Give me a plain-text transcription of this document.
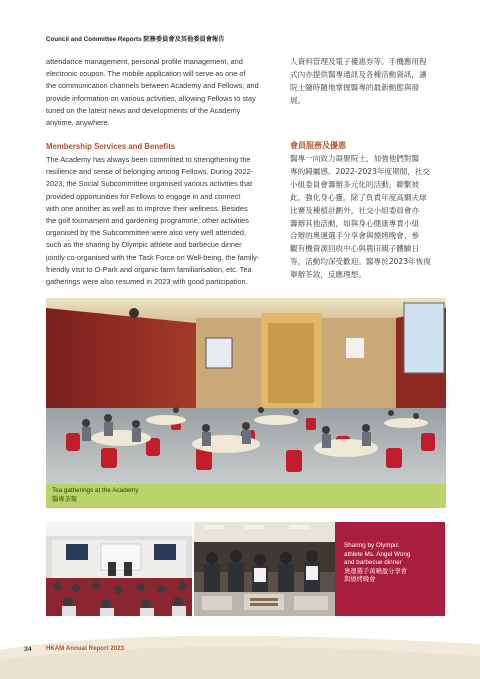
Council and Committee Reports 院務委員會及其他委員會報告
attendance management, personal profile management, and
electronic coupon. The mobile application will serve as one of
the communication channels between Academy and Fellows, and
provide information on various activities, allowing Fellows to stay
tuned on the latest news and developments of the Academy
anytime, anywhere.
Membership Services and Benefits
The Academy has always been committed to strengthening the
resilience and sense of belonging among Fellows. During 2022-
2023, the Social Subcommittee organised various activities that
provided opportunities for Fellows to engage in and connect
with one another as well as to improve their wellness. Besides
the golf tournament and gardening programme, other activities
organised by the Subcommittee were also very well attended,
such as the sharing by Olympic athlete and barbecue dinner
jointly co-organised with the Task Force on Well-being, the family-
friendly visit to O-Park and organic farm familiarisation, etc. Tea
gatherings were also resumed in 2023 with good participation.
人資料管理及電子優惠券等。手機應用程
式內亦提供醫專通訊及各種活動資訊，讓
院士隨時隨地掌握醫專的最新動態與發
展。
會員服務及優惠
醫專一向致力凝聚院士，加強他們對醫
專的歸屬感。2022-2023年度期間，社交
小組委員會籌辦多元化的活動，聯繫彼
此，強化身心靈。除了負責年度高爾夫球
比賽及種植計劃外，社交小組委員會亦
籌辦其他活動，如與身心健康專責小組
合辦的奧運選手分享會與燒烤晚會、參
觀有機資源回收中心與農田親子體驗日
等，活動均深受歡迎。醫專於2023年恢復
舉辦茶敘，反應理想。
Tea gatherings at the Academy
醫專茶聚
Sharing by Olympic
athlete Ms. Angel Wong
and barbecue dinner
奧運選手黃曉盈分享會
與燒烤晚會
34 HKAM Annual Report 2023
